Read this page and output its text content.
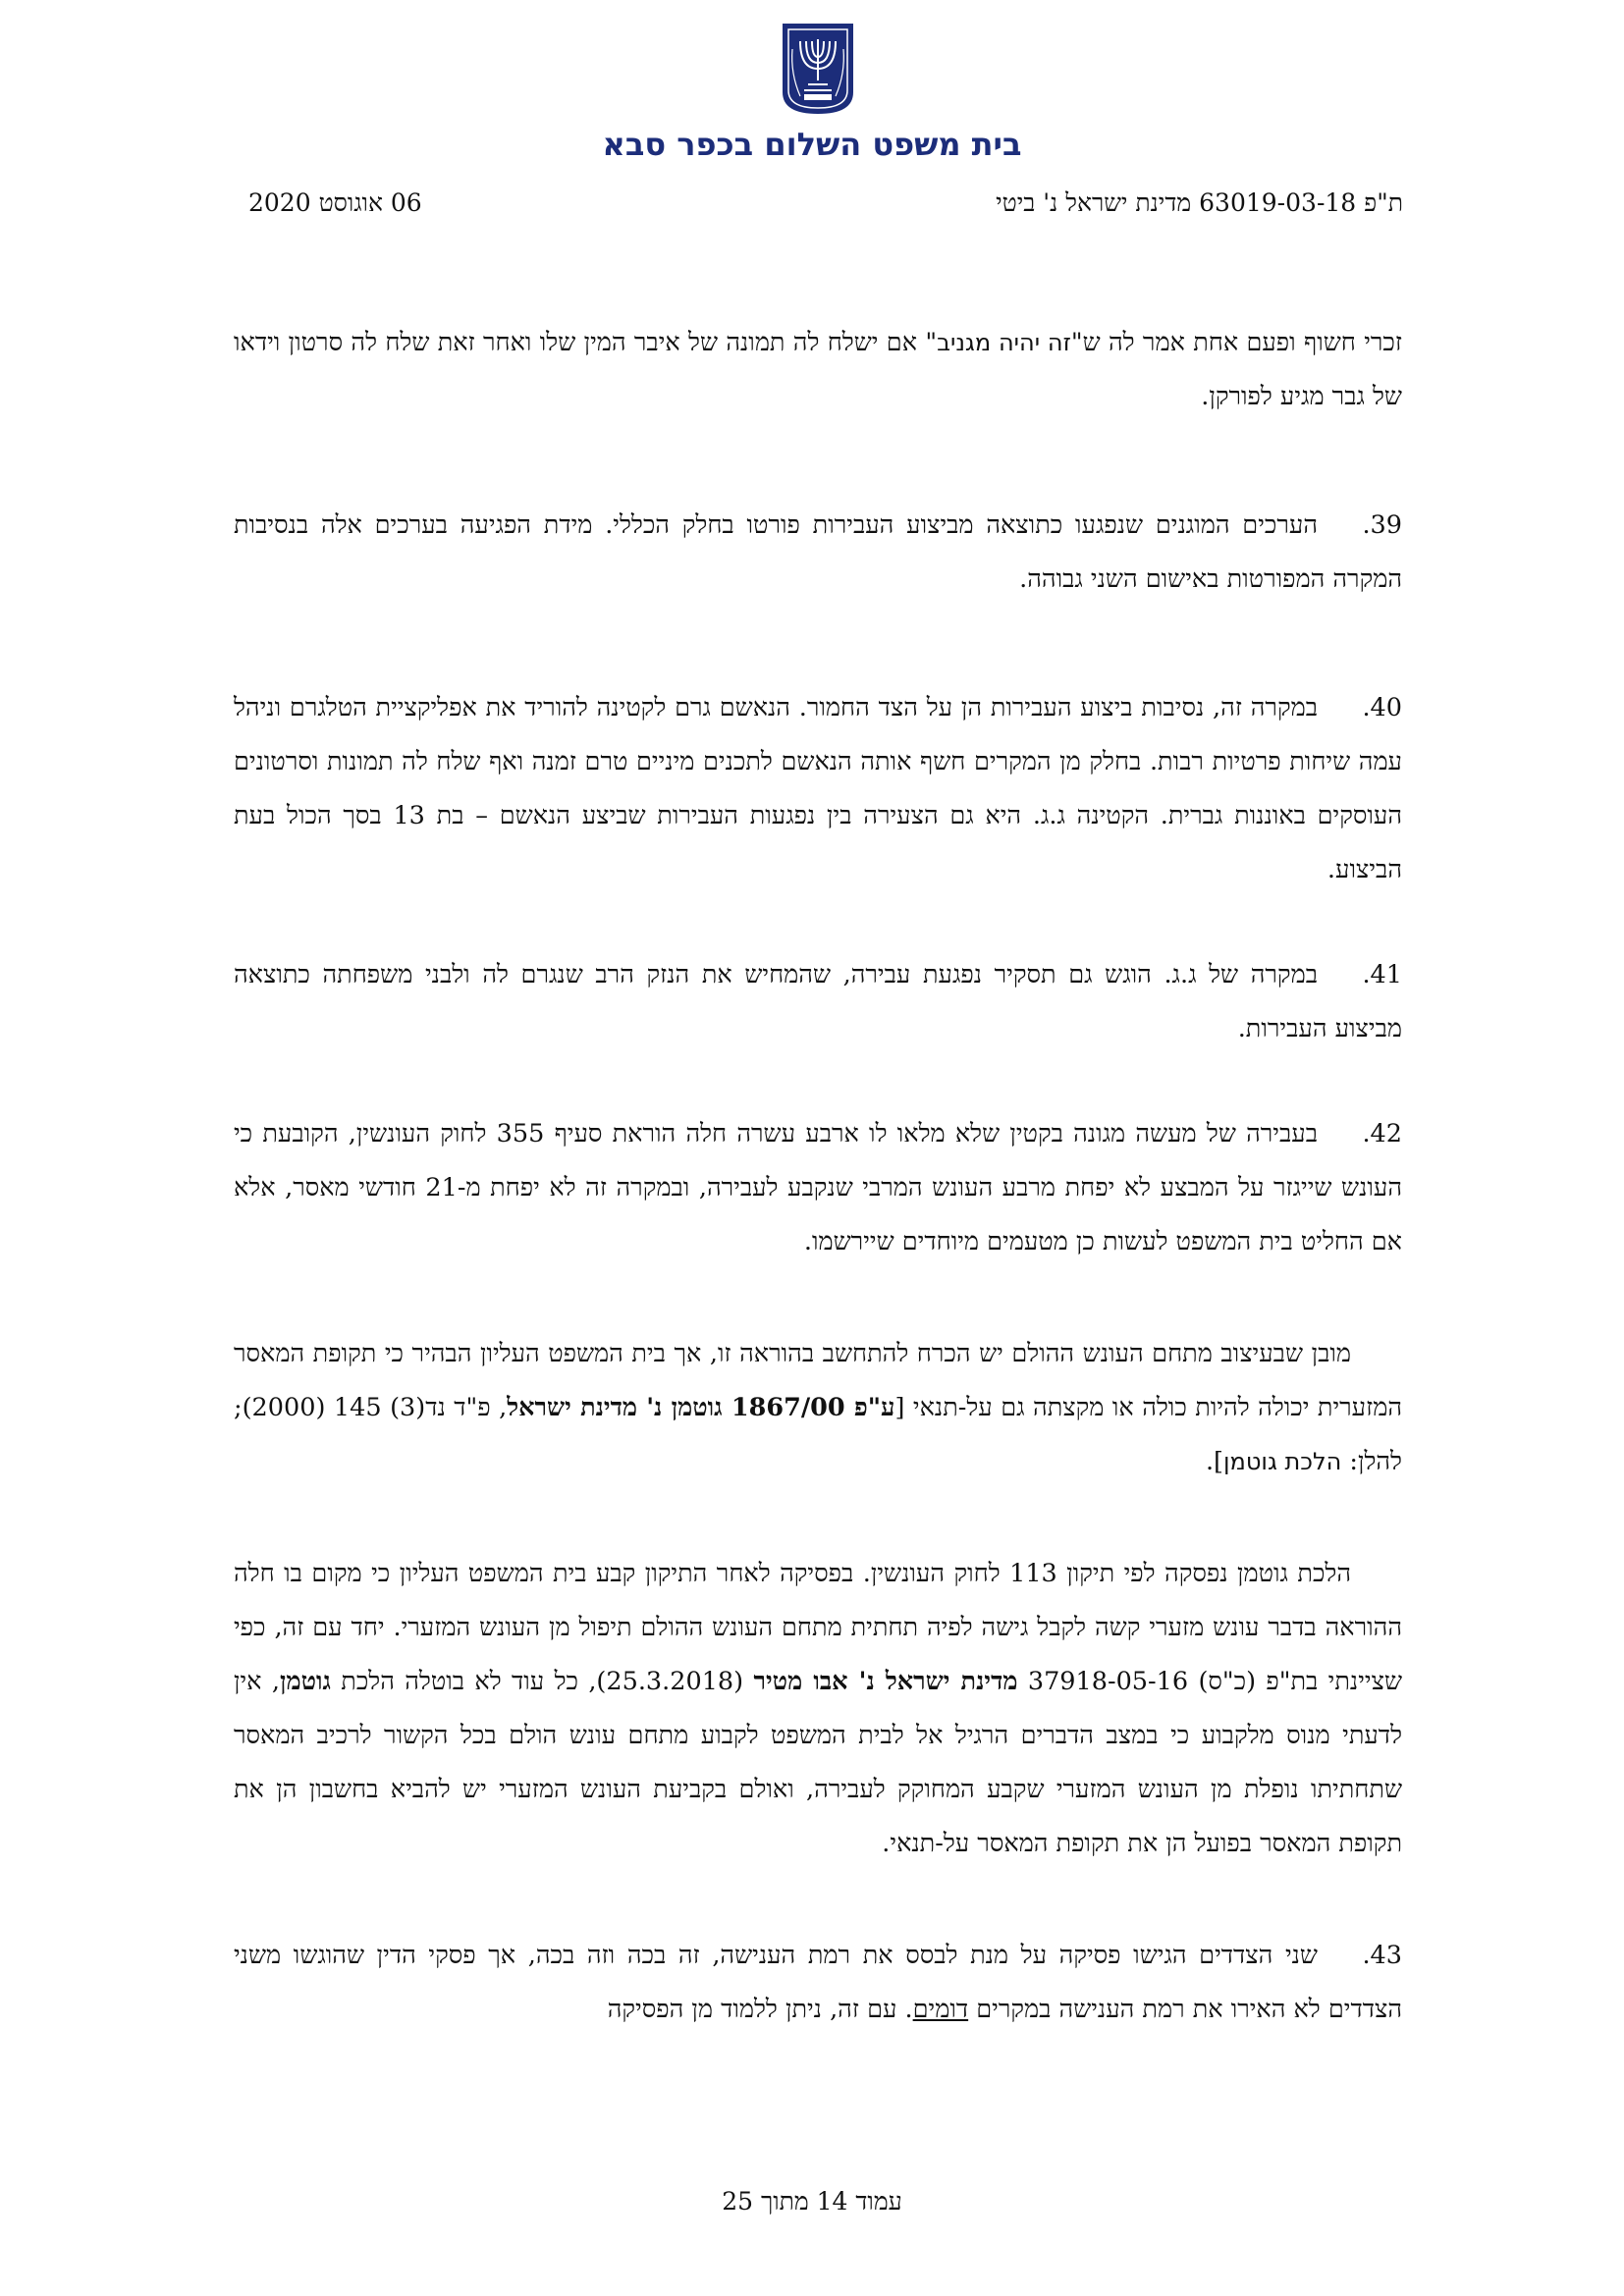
בית משפט השלום בכפר סבא
ת"פ 63019-03-18 מדינת ישראל נ' ביטי
06 אוגוסט 2020

זכרי חשוף ופעם אחת אמר לה ש"זה יהיה מגניב" אם ישלח לה תמונה של איבר המין שלו ואחר זאת שלח לה סרטון וידאו של גבר מגיע לפורקן.

39.הערכים המוגנים שנפגעו כתוצאה מביצוע העבירות פורטו בחלק הכללי. מידת הפגיעה בערכים אלה בנסיבות המקרה המפורטות באישום השני גבוהה.

40.במקרה זה, נסיבות ביצוע העבירות הן על הצד החמור. הנאשם גרם לקטינה להוריד את אפליקציית הטלגרם וניהל עמה שיחות פרטיות רבות. בחלק מן המקרים חשף אותה הנאשם לתכנים מיניים טרם זמנה ואף שלח לה תמונות וסרטונים העוסקים באוננות גברית. הקטינה ג.ג. היא גם הצעירה בין נפגעות העבירות שביצע הנאשם – בת 13 בסך הכול בעת הביצוע.

41.במקרה של ג.ג. הוגש גם תסקיר נפגעת עבירה, שהמחיש את הנזק הרב שנגרם לה ולבני משפחתה כתוצאה מביצוע העבירות.

42.בעבירה של מעשה מגונה בקטין שלא מלאו לו ארבע עשרה חלה הוראת סעיף 355 לחוק העונשין, הקובעת כי העונש שייגזר על המבצע לא יפחת מרבע העונש המרבי שנקבע לעבירה, ובמקרה זה לא יפחת מ-21 חודשי מאסר, אלא אם החליט בית המשפט לעשות כן מטעמים מיוחדים שיירשמו.

מובן שבעיצוב מתחם העונש ההולם יש הכרח להתחשב בהוראה זו, אך בית המשפט העליון הבהיר כי תקופת המאסר המזערית יכולה להיות כולה או מקצתה גם על-תנאי [ע"פ 1867/00 גוטמן נ' מדינת ישראל, פ"ד נד(3) 145 (2000); להלן: הלכת גוטמן].

הלכת גוטמן נפסקה לפי תיקון 113 לחוק העונשין. בפסיקה לאחר התיקון קבע בית המשפט העליון כי מקום בו חלה ההוראה בדבר עונש מזערי קשה לקבל גישה לפיה תחתית מתחם העונש ההולם תיפול מן העונש המזערי. יחד עם זה, כפי שציינתי בת"פ (כ"ס) 37918-05-16 מדינת ישראל נ' אבו מטיר (25.3.2018), כל עוד לא בוטלה הלכת גוטמן, אין לדעתי מנוס מלקבוע כי במצב הדברים הרגיל אל לבית המשפט לקבוע מתחם עונש הולם בכל הקשור לרכיב המאסר שתחתיתו נופלת מן העונש המזערי שקבע המחוקק לעבירה, ואולם בקביעת העונש המזערי יש להביא בחשבון הן את תקופת המאסר בפועל הן את תקופת המאסר על-תנאי.

43.שני הצדדים הגישו פסיקה על מנת לבסס את רמת הענישה, זה בכה וזה בכה, אך פסקי הדין שהוגשו משני הצדדים לא האירו את רמת הענישה במקרים דומים. עם זה, ניתן ללמוד מן הפסיקה

עמוד 14 מתוך 25
